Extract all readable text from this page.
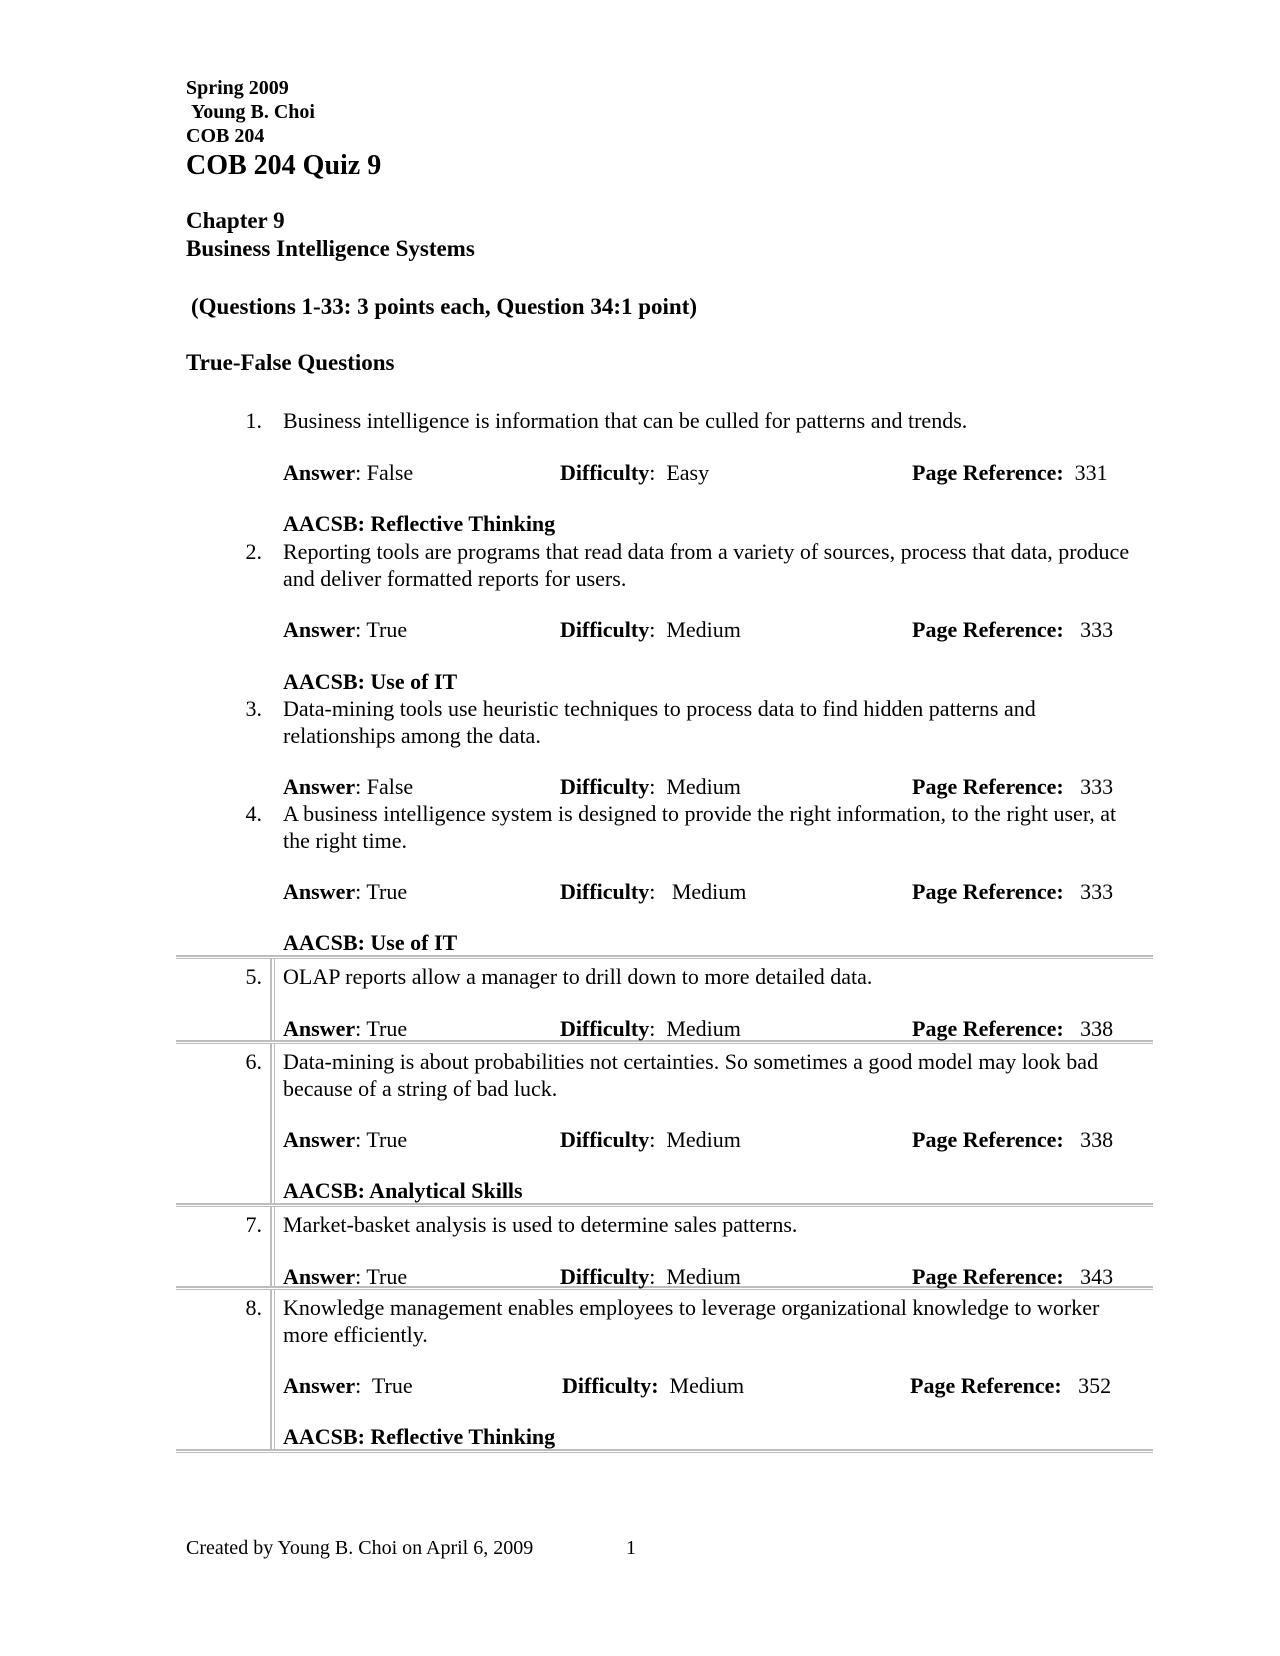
Spring 2009
Young B. Choi
COB 204
COB 204 Quiz 9
Chapter 9
Business Intelligence Systems
(Questions 1-33: 3 points each, Question 34:1 point)
True-False Questions
1. Business intelligence is information that can be culled for patterns and trends.
Answer: False	Difficulty:  Easy	Page Reference: 331
AACSB: Reflective Thinking
2. Reporting tools are programs that read data from a variety of sources, process that data, produce and deliver formatted reports for users.
Answer: True	Difficulty:  Medium	Page Reference: 333
AACSB: Use of IT
3. Data-mining tools use heuristic techniques to process data to find hidden patterns and relationships among the data.
Answer: False	Difficulty:  Medium	Page Reference: 333
4. A business intelligence system is designed to provide the right information, to the right user, at the right time.
Answer: True	Difficulty:   Medium	Page Reference: 333
AACSB: Use of IT
5. OLAP reports allow a manager to drill down to more detailed data.
Answer: True	Difficulty:  Medium	Page Reference: 338
6. Data-mining is about probabilities not certainties. So sometimes a good model may look bad because of a string of bad luck.
Answer: True	Difficulty:  Medium	Page Reference: 338
AACSB: Analytical Skills
7. Market-basket analysis is used to determine sales patterns.
Answer: True	Difficulty:  Medium	Page Reference: 343
8. Knowledge management enables employees to leverage organizational knowledge to worker more efficiently.
Answer:  True	Difficulty: Medium	Page Reference: 352
AACSB: Reflective Thinking
Created by Young B. Choi on April 6, 2009	1
